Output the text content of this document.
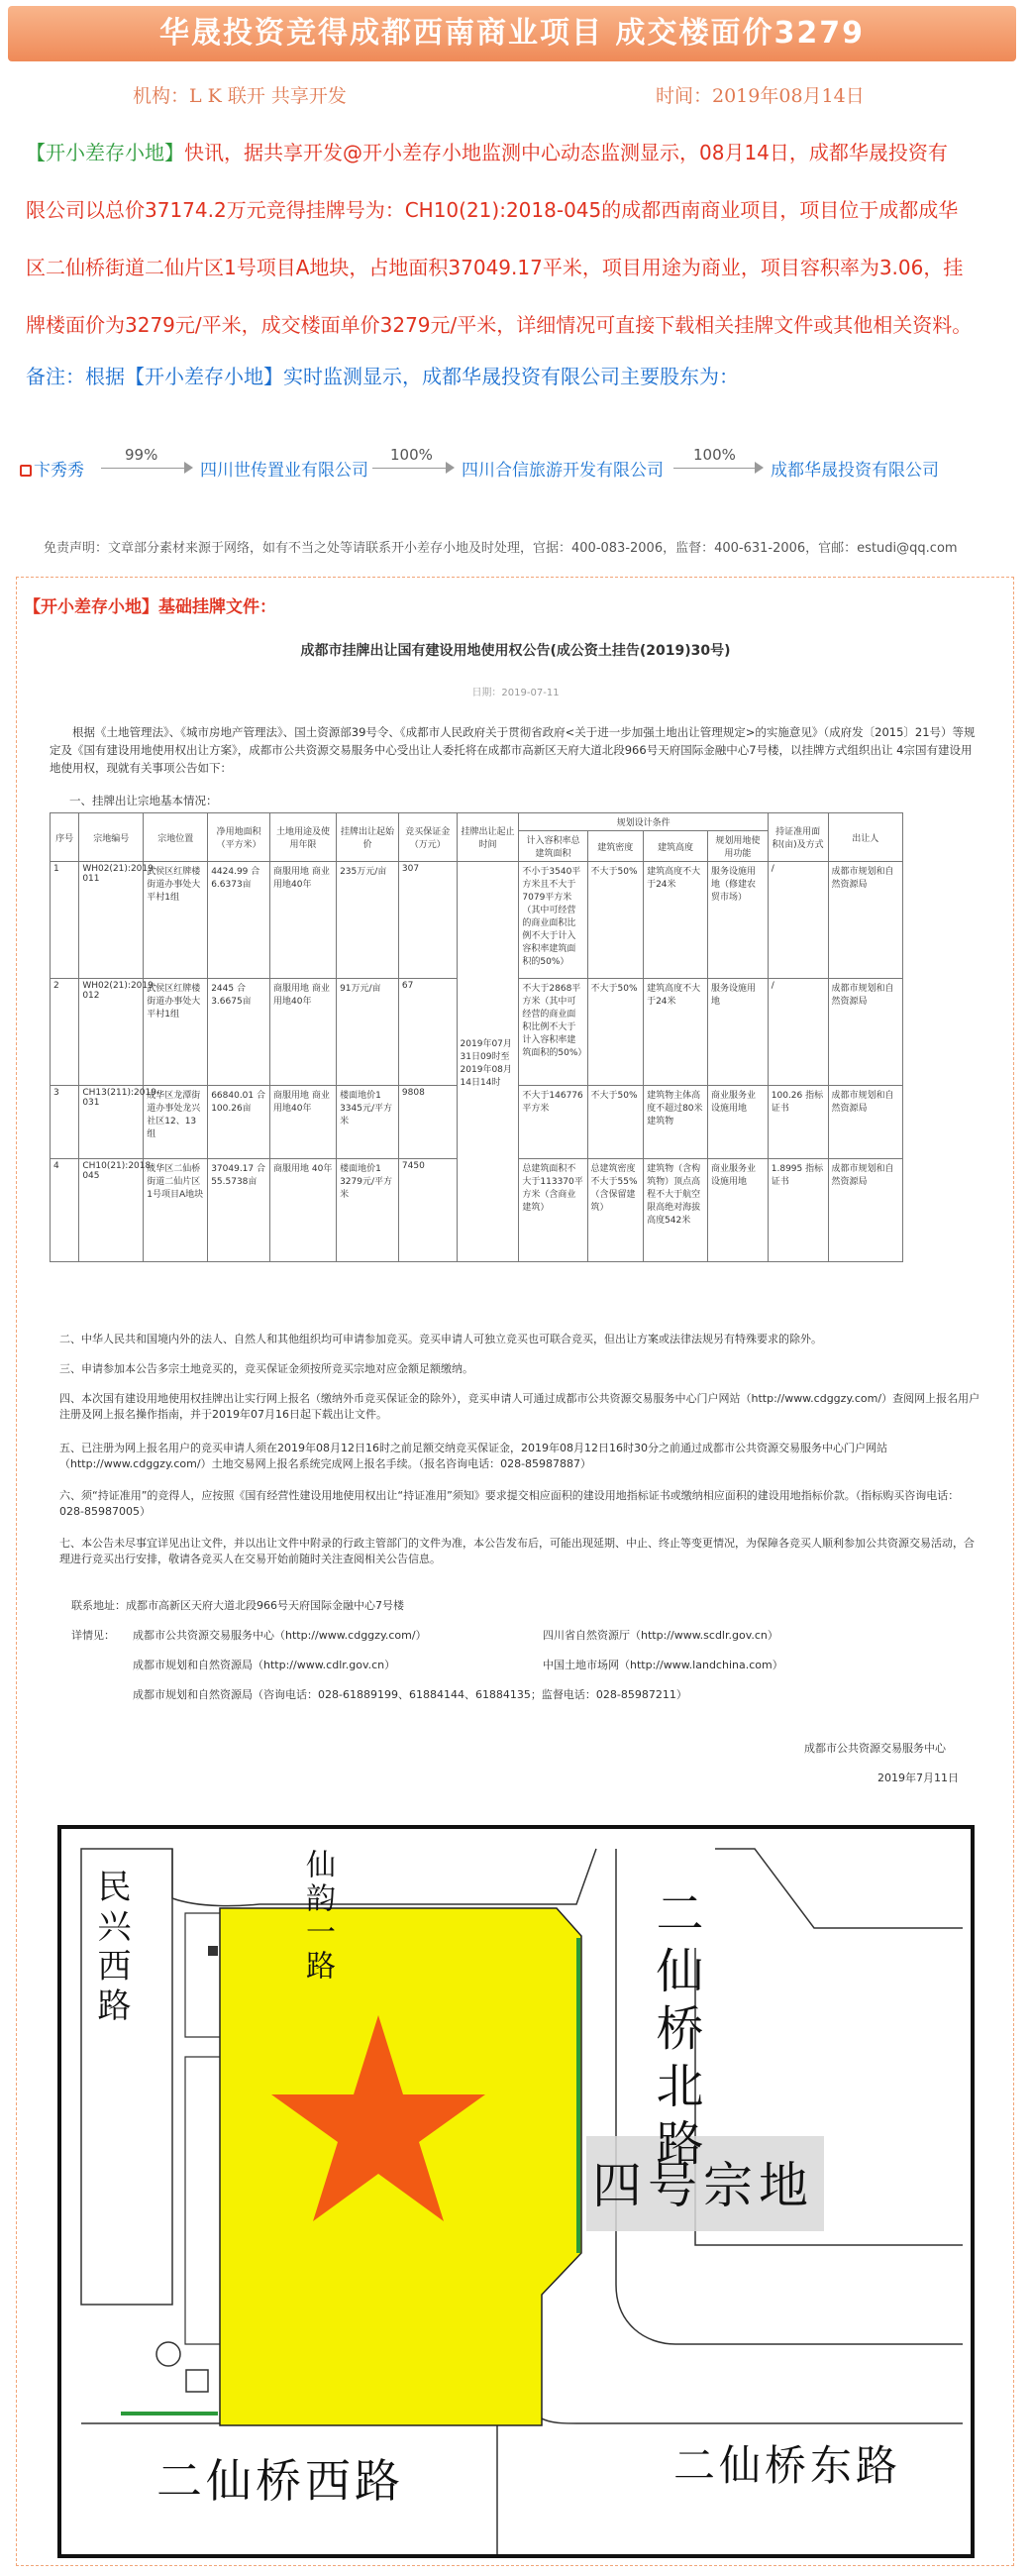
华晟投资竞得成都西南商业项目 成交楼面价3279
机构：L K 联开 共享开发	时间：2019年08月14日
【开小差存小地】快讯，据共享开发@开小差存小地监测中心动态监测显示，08月14日，成都华晟投资有
限公司以总价37174.2万元竞得挂牌号为：CH10(21):2018-045的成都西南商业项目，项目位于成都成华
区二仙桥街道二仙片区1号项目A地块，占地面积37049.17平米，项目用途为商业，项目容积率为3.06，挂
牌楼面价为3279元/平米，成交楼面单价3279元/平米，详细情况可直接下载相关挂牌文件或其他相关资料。
备注：根据【开小差存小地】实时监测显示，成都华晟投资有限公司主要股东为：
卞秀秀
99%
四川世传置业有限公司
100%
四川合信旅游开发有限公司
100%
成都华晟投资有限公司
免责声明：文章部分素材来源于网络，如有不当之处等请联系开小差存小地及时处理，官据：400-083-2006，监督：400-631-2006，官邮：estudi@qq.com
【开小差存小地】基础挂牌文件：
成都市挂牌出让国有建设用地使用权公告(成公资土挂告(2019)30号)
日期：2019-07-11
根据《土地管理法》、《城市房地产管理法》、国土资源部39号令、《成都市人民政府关于贯彻省政府<关于进一步加强土地出让管理规定>的实施意见》（成府发〔2015〕21号）等规定及《国有建设用地使用权出让方案》，成都市公共资源交易服务中心受出让人委托将在成都市高新区天府大道北段966号天府国际金融中心7号楼，以挂牌方式组织出让 4宗国有建设用地使用权，现就有关事项公告如下：
一、挂牌出让宗地基本情况：
序号	宗地编号	宗地位置	净用地面积（平方米）	土地用途及使用年限	挂牌出让起始价	竞买保证金（万元）	挂牌出让起止时间	规划设计条件				持证准用面积(亩)及方式	出让人
								计入容积率总建筑面积	建筑密度	建筑高度	规划用地使用功能		
1	WH02(21):2019-011	武侯区红牌楼街道办事处大平村1组	4424.99 合6.6373亩	商服用地 商业用地40年	235万元/亩	307	2019年07月31日09时至2019年08月14日14时	不小于3540平方米且不大于7079平方米（其中可经营的商业面积比例不大于计入容积率建筑面积的50%）	不大于50%	建筑高度不大于24米	服务设施用地（修建农贸市场）	/	成都市规划和自然资源局
2	WH02(21):2019-012	武侯区红牌楼街道办事处大平村1组	2445 合3.6675亩	商服用地 商业用地40年	91万元/亩	67		不大于2868平方米（其中可经营的商业面积比例不大于计入容积率建筑面积的50%）	不大于50%	建筑高度不大于24米	服务设施用地	/	成都市规划和自然资源局
3	CH13(211):2019-031	成华区龙潭街道办事处龙兴社区12、13组	66840.01 合100.26亩	商服用地 商业用地40年	楼面地价1 3345元/平方米	9808		不大于146776平方米	不大于50%	建筑物主体高度不超过80米建筑物	商业服务业设施用地	100.26 指标证书	成都市规划和自然资源局
4	CH10(21):2018-045	成华区二仙桥街道二仙片区1号项目A地块	37049.17 合55.5738亩	商服用地 40年	楼面地价1 3279元/平方米	7450		总建筑面积不大于113370平方米（含商业建筑）	总建筑密度不大于55%（含保留建筑）	建筑物（含构筑物）顶点高程不大于航空限高绝对海拔高度542米	商业服务业设施用地	1.8995 指标证书	成都市规划和自然资源局
二、中华人民共和国境内外的法人、自然人和其他组织均可申请参加竞买。竞买申请人可独立竞买也可联合竞买，但出让方案或法律法规另有特殊要求的除外。
三、申请参加本公告多宗土地竞买的，竞买保证金须按所竞买宗地对应金额足额缴纳。
四、本次国有建设用地使用权挂牌出让实行网上报名（缴纳外币竞买保证金的除外），竞买申请人可通过成都市公共资源交易服务中心门户网站（http://www.cdggzy.com/）查阅网上报名用户注册及网上报名操作指南，并于2019年07月16日起下载出让文件。
五、已注册为网上报名用户的竞买申请人须在2019年08月12日16时之前足额交纳竞买保证金，2019年08月12日16时30分之前通过成都市公共资源交易服务中心门户网站（http://www.cdggzy.com/）土地交易网上报名系统完成网上报名手续。（报名咨询电话：028-85987887）
六、须“持证准用”的竞得人，应按照《国有经营性建设用地使用权出让“持证准用”须知》要求提交相应面积的建设用地指标证书或缴纳相应面积的建设用地指标价款。（指标购买咨询电话：028-85987005）
七、本公告未尽事宜详见出让文件，并以出让文件中附录的行政主管部门的文件为准，本公告发布后，可能出现延期、中止、终止等变更情况，为保障各竞买人顺利参加公共资源交易活动，合理进行竞买出行安排，敬请各竞买人在交易开始前随时关注查阅相关公告信息。
联系地址：成都市高新区天府大道北段966号天府国际金融中心7号楼
详情见： 成都市公共资源交易服务中心（http://www.cdggzy.com/）	四川省自然资源厅（http://www.scdlr.gov.cn）
成都市规划和自然资源局（http://www.cdlr.gov.cn）	中国土地市场网（http://www.landchina.com）
成都市规划和自然资源局（咨询电话：028-61889199、61884144、61884135；监督电话：028-85987211）
成都市公共资源交易服务中心
2019年7月11日
民兴西路	仙韵一路	二仙桥北路
四号宗地
二仙桥西路	二仙桥东路
